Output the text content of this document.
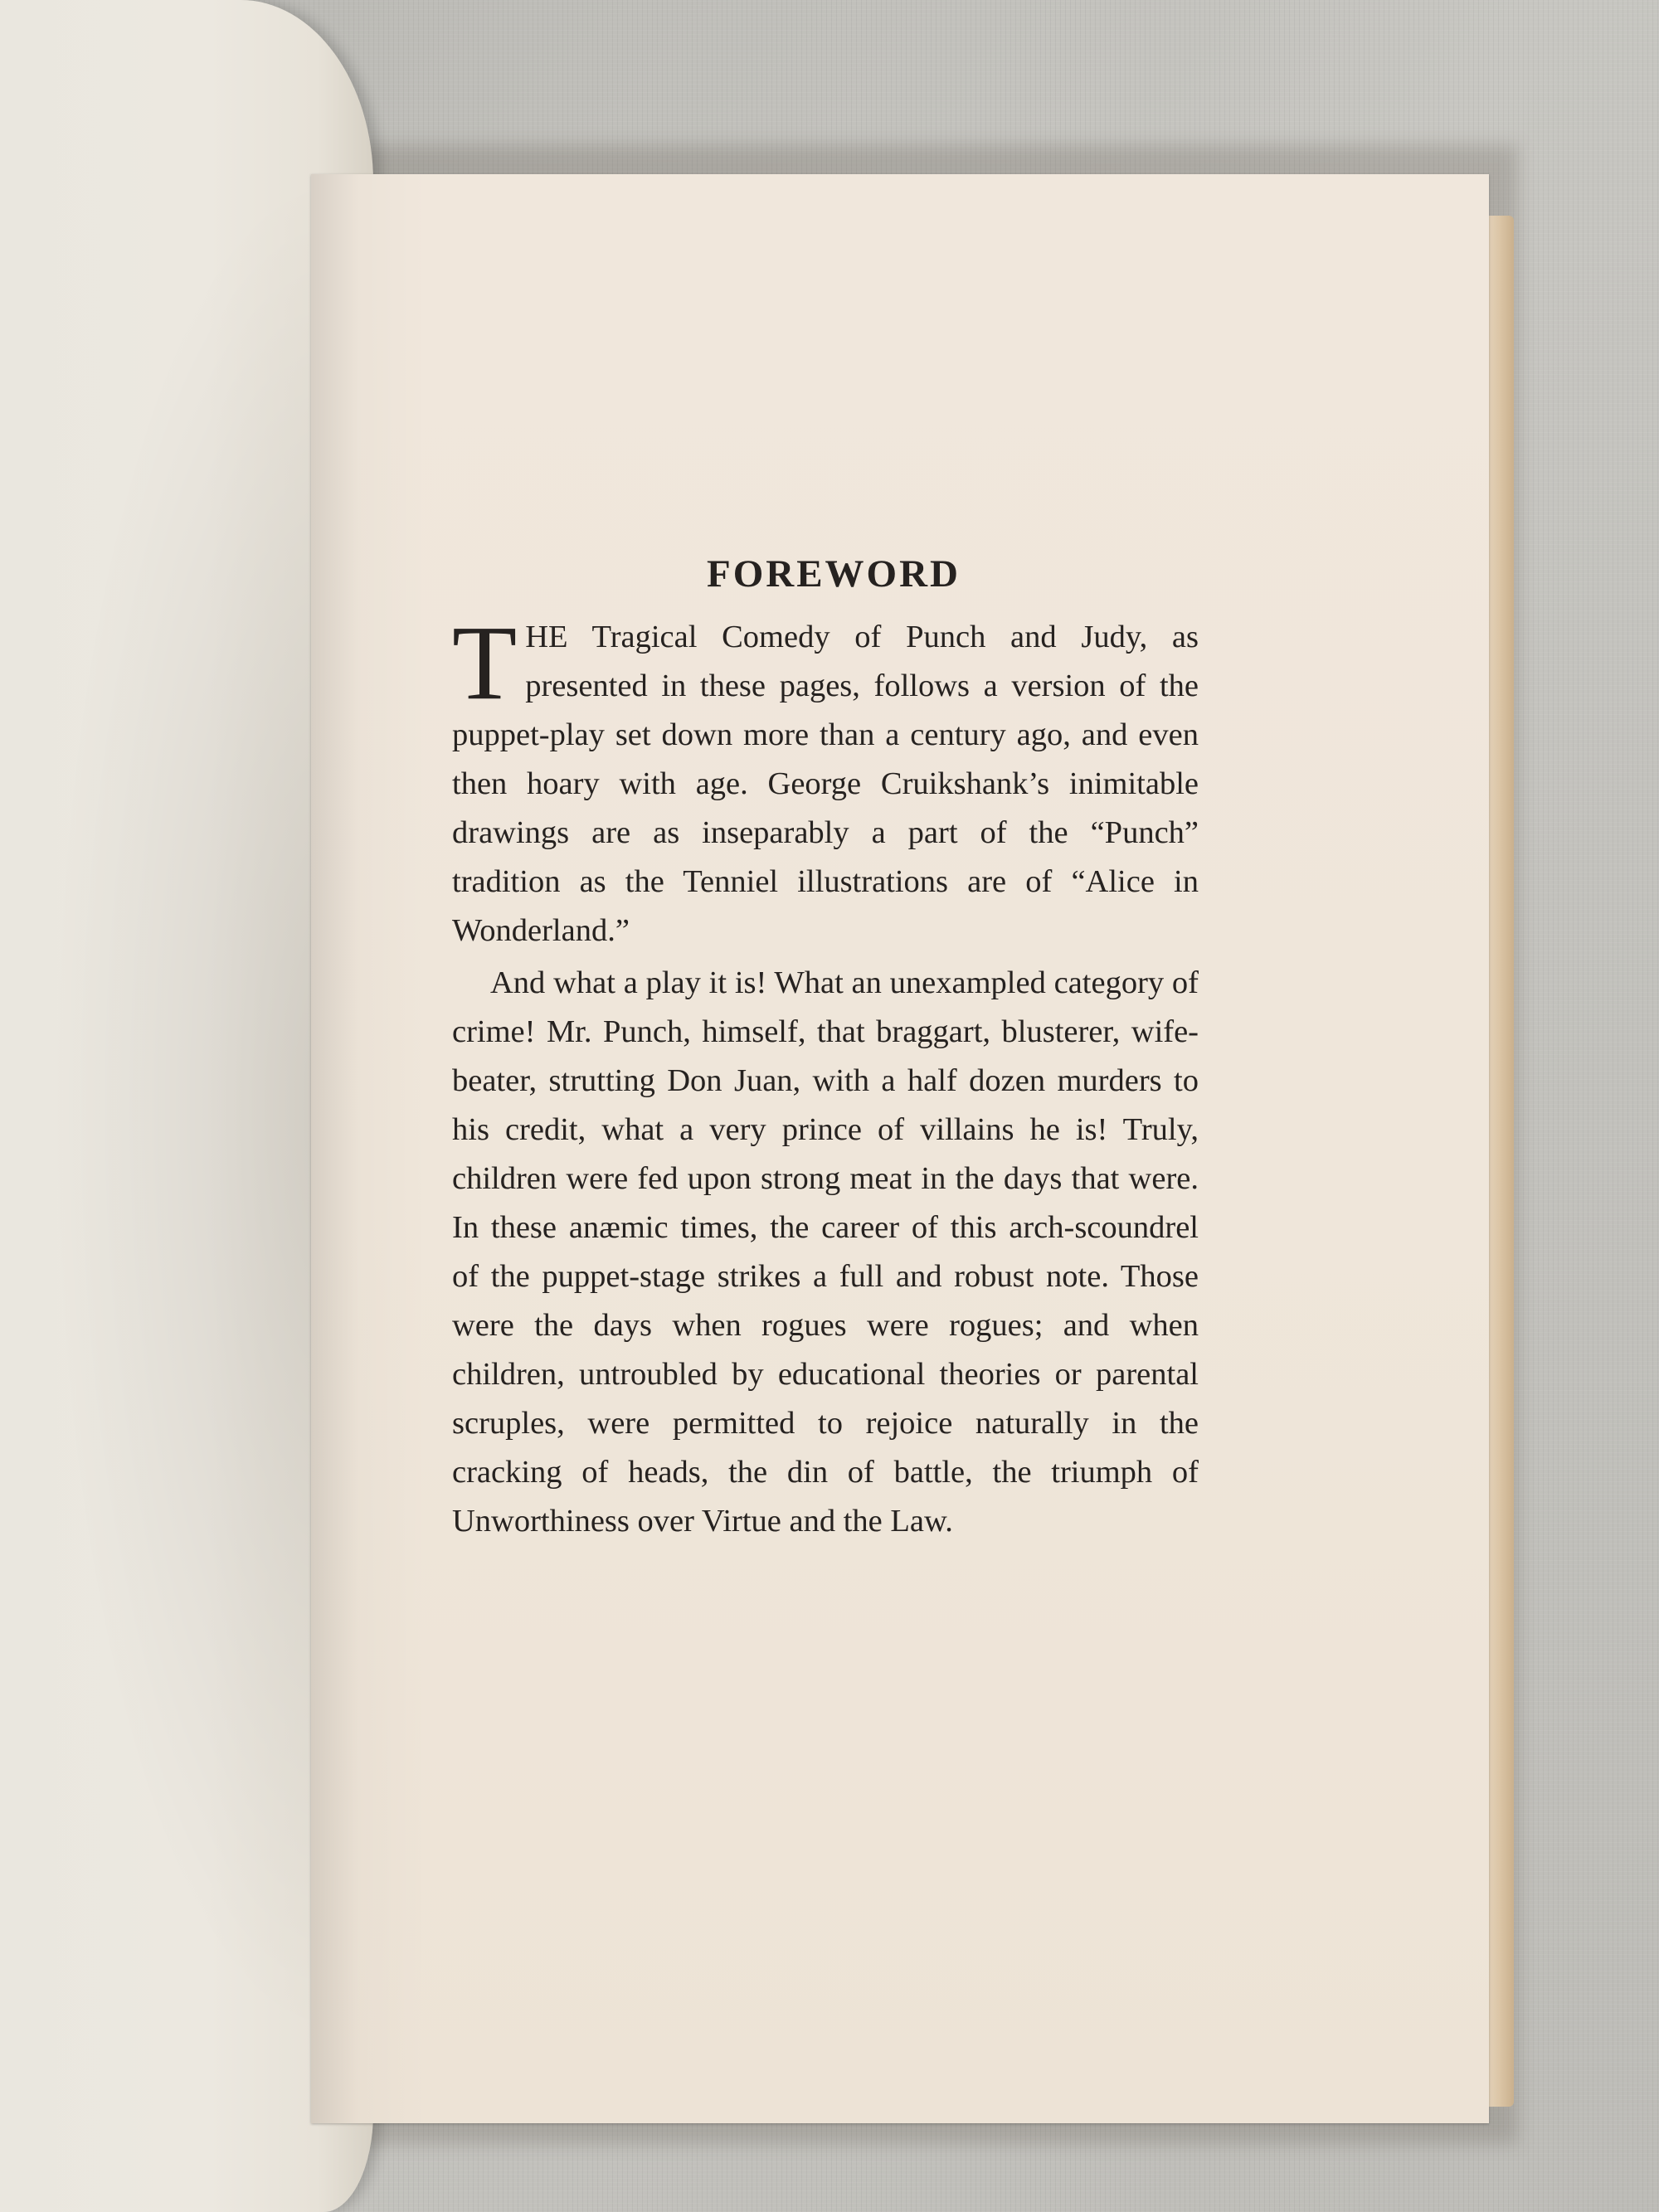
FOREWORD

T HE Tragical Comedy of Punch and Judy, as presented in these pages, follows a version of the puppet-play set down more than a century ago, and even then hoary with age. George Cruikshank’s inimitable drawings are as inseparably a part of the “Punch” tradition as the Tenniel illustrations are of “Alice in Wonderland.”

And what a play it is! What an unexampled category of crime! Mr. Punch, himself, that braggart, blusterer, wife-beater, strutting Don Juan, with a half dozen murders to his credit, what a very prince of villains he is! Truly, children were fed upon strong meat in the days that were. In these anæmic times, the career of this arch-scoundrel of the puppet-stage strikes a full and robust note. Those were the days when rogues were rogues; and when children, untroubled by educational theories or parental scruples, were permitted to rejoice naturally in the cracking of heads, the din of battle, the triumph of Unworthiness over Virtue and the Law.
